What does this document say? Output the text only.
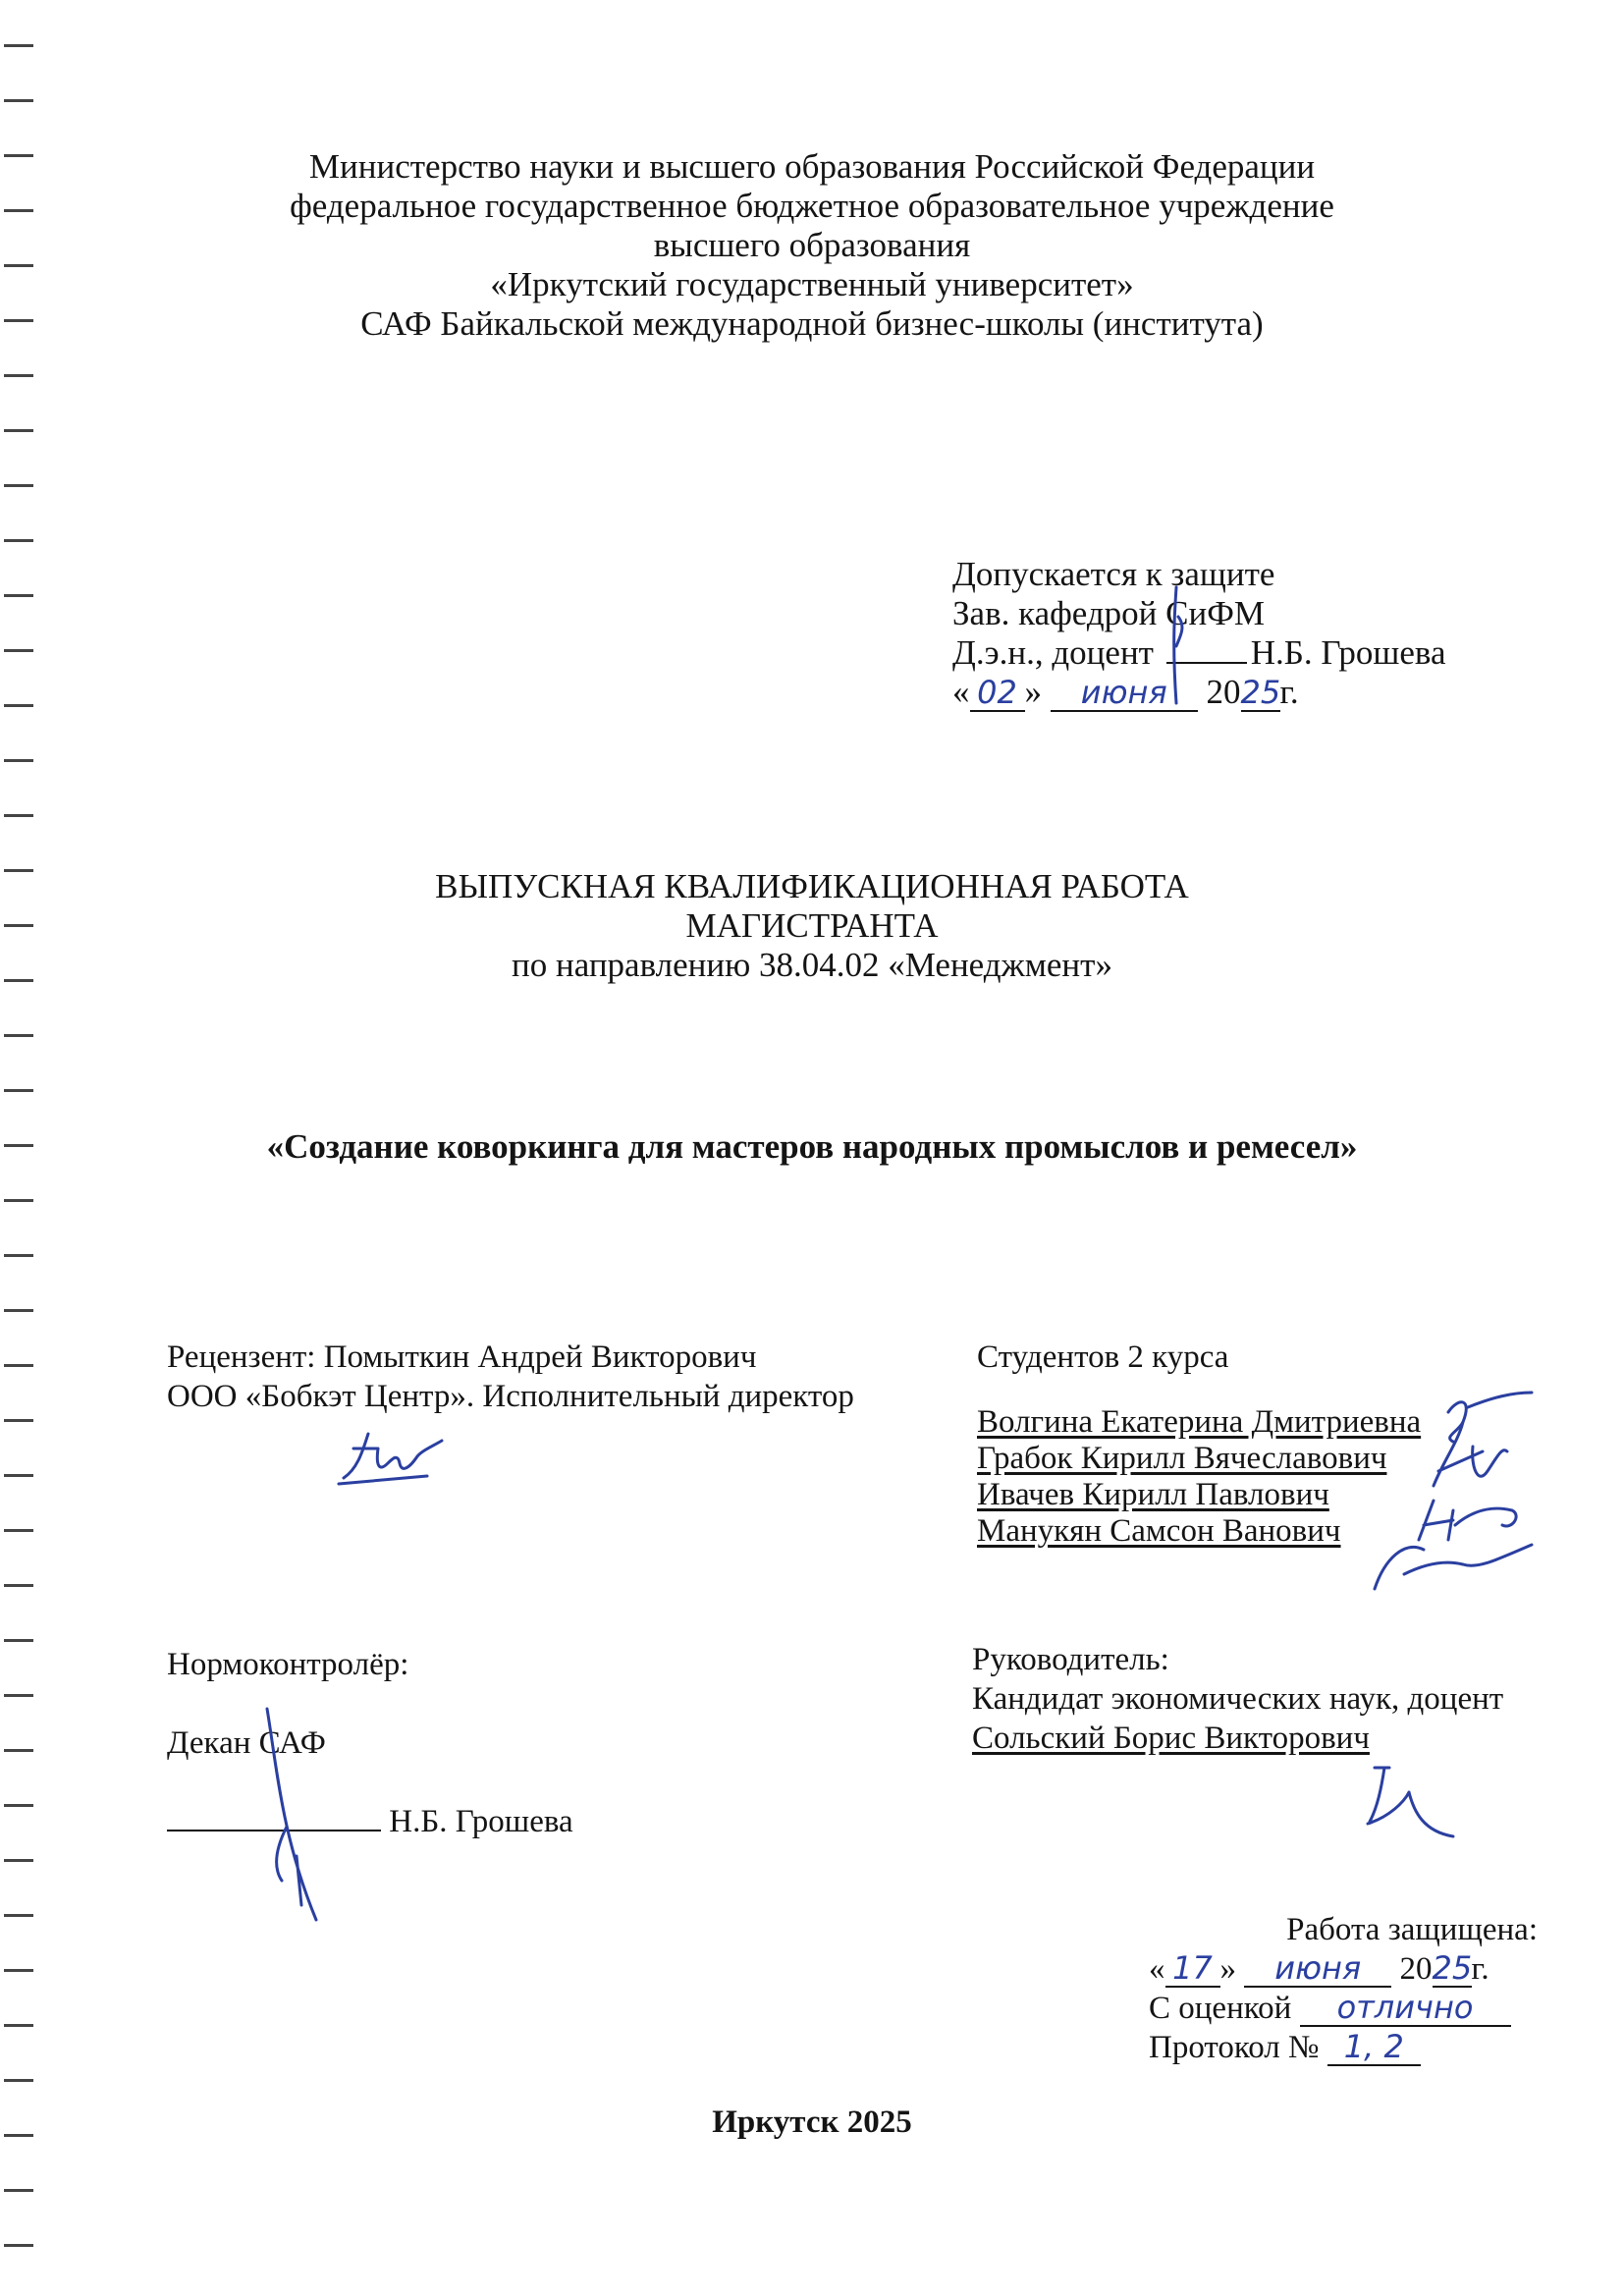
Министерство науки и высшего образования Российской Федерации
федеральное государственное бюджетное образовательное учреждение
высшего образования
«Иркутский государственный университет»
САФ Байкальской международной бизнес-школы (института)
Допускается к защите
Зав. кафедрой СиФМ
Д.э.н., доцент	Н.Б. Грошева
« 02 » июня 2025г.
ВЫПУСКНАЯ КВАЛИФИКАЦИОННАЯ РАБОТА
МАГИСТРАНТА
по направлению 38.04.02 «Менеджмент»
«Создание коворкинга для мастеров народных промыслов и ремесел»
Рецензент: Помыткин Андрей Викторович
ООО «Бобкэт Центр». Исполнительный директор
Студентов 2 курса
Волгина Екатерина Дмитриевна
Грабок Кирилл Вячеславович
Ивачев Кирилл Павлович
Манукян Самсон Ванович
Нормоконтролёр:
Декан САФ
Н.Б. Грошева
Руководитель:
Кандидат экономических наук, доцент
Сольский Борис Викторович
Работа защищена:
« 17 » июня 2025г.
С оценкой отлично
Протокол № 1, 2
Иркутск 2025
